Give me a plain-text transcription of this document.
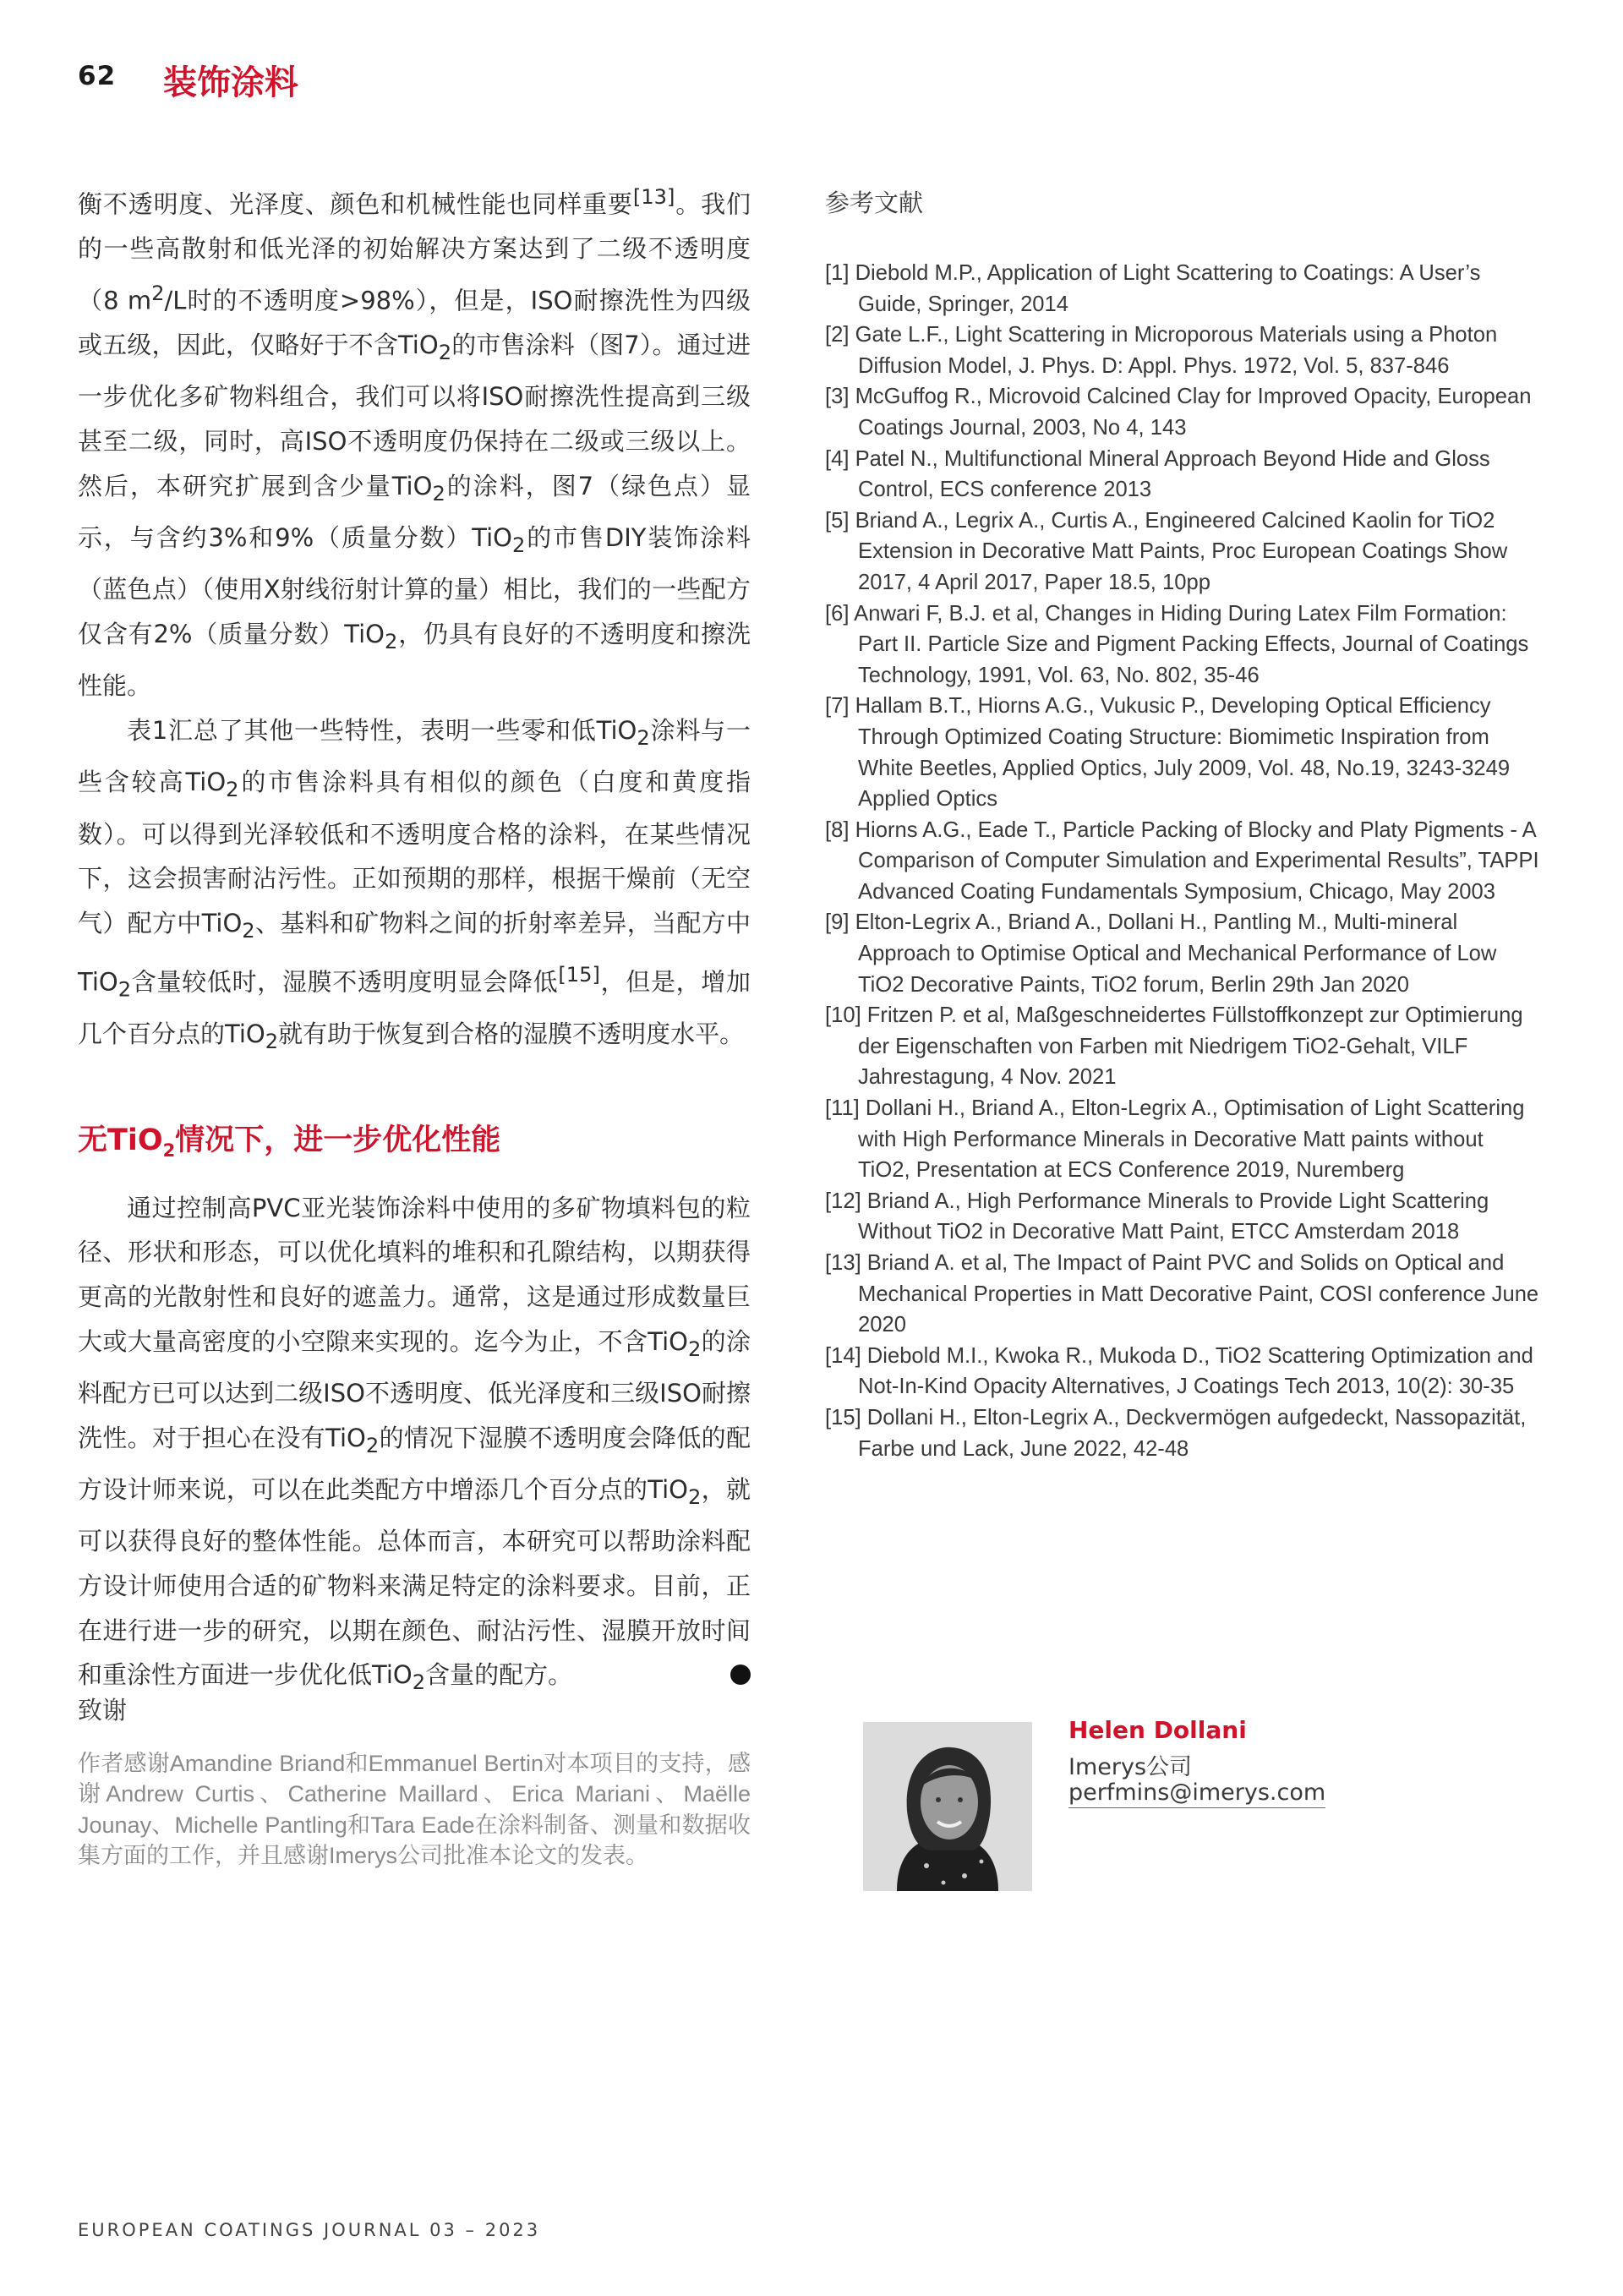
62 装饰涂料

衡不透明度、光泽度、颜色和机械性能也同样重要[13]。我们的一些高散射和低光泽的初始解决方案达到了二级不透明度（8 $m^2/L$时的不透明度>98%），但是，ISO耐擦洗性为四级或五级，因此，仅略好于不含TiO$_2$的市售涂料（图7）。通过进一步优化多矿物料组合，我们可以将ISO耐擦洗性提高到三级甚至二级，同时，高ISO不透明度仍保持在二级或三级以上。然后，本研究扩展到含少量TiO$_2$的涂料，图7（绿色点）显示，与含约3%和9%（质量分数）TiO$_2$的市售DIY装饰涂料（蓝色点）（使用X射线衍射计算的量）相比，我们的一些配方仅含有2%（质量分数）TiO$_2$，仍具有良好的不透明度和擦洗性能。

表1汇总了其他一些特性，表明一些零和低TiO$_2$涂料与一些含较高TiO$_2$的市售涂料具有相似的颜色（白度和黄度指数）。可以得到光泽较低和不透明度合格的涂料，在某些情况下，这会损害耐沾污性。正如预期的那样，根据干燥前（无空气）配方中TiO$_2$、基料和矿物料之间的折射率差异，当配方中TiO$_2$含量较低时，湿膜不透明度明显会降低[15]，但是，增加几个百分点的TiO$_2$就有助于恢复到合格的湿膜不透明度水平。

无TiO$_2$情况下，进一步优化性能

通过控制高PVC亚光装饰涂料中使用的多矿物填料包的粒径、形状和形态，可以优化填料的堆积和孔隙结构，以期获得更高的光散射性和良好的遮盖力。通常，这是通过形成数量巨大或大量高密度的小空隙来实现的。迄今为止，不含TiO$_2$的涂料配方已可以达到二级ISO不透明度、低光泽度和三级ISO耐擦洗性。对于担心在没有TiO$_2$的情况下湿膜不透明度会降低的配方设计师来说，可以在此类配方中增添几个百分点的TiO$_2$，就可以获得良好的整体性能。总体而言，本研究可以帮助涂料配方设计师使用合适的矿物料来满足特定的涂料要求。目前，正在进行进一步的研究，以期在颜色、耐沾污性、湿膜开放时间和重涂性方面进一步优化低TiO$_2$含量的配方。	◂

参考文献
[1] Diebold M.P., Application of Light Scattering to Coatings: A User’s Guide, Springer, 2014
[2] Gate L.F., Light Scattering in Microporous Materials using a Photon Diffusion Model, J. Phys. D: Appl. Phys. 1972, Vol. 5, 837-846
[3] McGuffog R., Microvoid Calcined Clay for Improved Opacity, European Coatings Journal, 2003, No 4, 143
[4] Patel N., Multifunctional Mineral Approach Beyond Hide and Gloss Control, ECS conference 2013
[5] Briand A., Legrix A., Curtis A., Engineered Calcined Kaolin for TiO2 Extension in Decorative Matt Paints, Proc European Coatings Show 2017, 4 April 2017, Paper 18.5, 10pp
[6] Anwari F, B.J. et al, Changes in Hiding During Latex Film Formation: Part II. Particle Size and Pigment Packing Effects, Journal of Coatings Technology, 1991, Vol. 63, No. 802, 35-46
[7] Hallam B.T., Hiorns A.G., Vukusic P., Developing Optical Efficiency Through Optimized Coating Structure: Biomimetic Inspiration from White Beetles, Applied Optics, July 2009, Vol. 48, No.19, 3243-3249 Applied Optics
[8] Hiorns A.G., Eade T., Particle Packing of Blocky and Platy Pigments - A Comparison of Computer Simulation and Experimental Results”, TAPPI Advanced Coating Fundamentals Symposium, Chicago, May 2003
[9] Elton-Legrix A., Briand A., Dollani H., Pantling M., Multi-mineral Approach to Optimise Optical and Mechanical Performance of Low TiO2 Decorative Paints, TiO2 forum, Berlin 29th Jan 2020
[10] Fritzen P. et al, Maßgeschneidertes Füllstoffkonzept zur Optimierung der Eigenschaften von Farben mit Niedrigem TiO2-Gehalt, VILF Jahrestagung, 4 Nov. 2021
[11] Dollani H., Briand A., Elton-Legrix A., Optimisation of Light Scattering with High Performance Minerals in Decorative Matt paints without TiO2, Presentation at ECS Conference 2019, Nuremberg
[12] Briand A., High Performance Minerals to Provide Light Scattering Without TiO2 in Decorative Matt Paint, ETCC Amsterdam 2018
[13] Briand A. et al, The Impact of Paint PVC and Solids on Optical and Mechanical Properties in Matt Decorative Paint, COSI conference June 2020
[14] Diebold M.I., Kwoka R., Mukoda D., TiO2 Scattering Optimization and Not-In-Kind Opacity Alternatives, J Coatings Tech 2013, 10(2): 30-35
[15] Dollani H., Elton-Legrix A., Deckvermögen aufgedeckt, Nassopazität, Farbe und Lack, June 2022, 42-48
致谢
作者感谢Amandine Briand和Emmanuel Bertin对本项目的支持，感谢Andrew Curtis、Catherine Maillard、Erica Mariani、Maëlle Jounay、Michelle Pantling和Tara Eade在涂料制备、测量和数据收集方面的工作，并且感谢Imerys公司批准本论文的发表。
Helen Dollani
Imerys公司
perfmins@imerys.com
EUROPEAN COATINGS JOURNAL 03 – 2023
